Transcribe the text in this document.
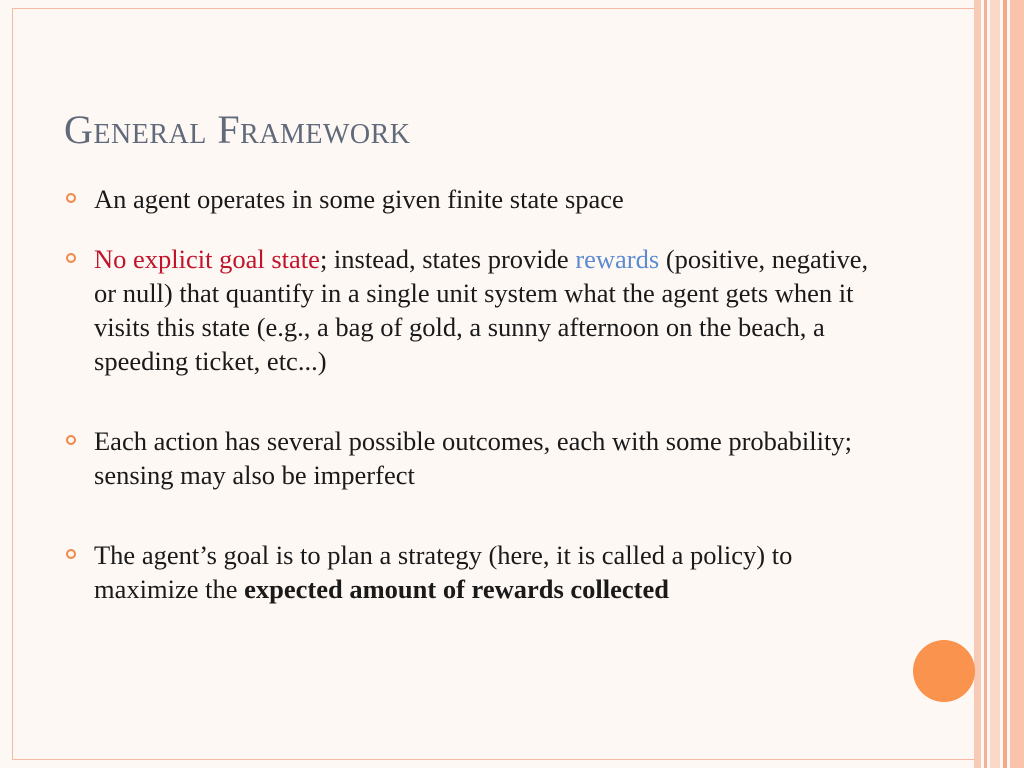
General Framework
An agent operates in some given finite state space
No explicit goal state; instead, states provide rewards (positive, negative, or null) that quantify in a single unit system what the agent gets when it visits this state (e.g., a bag of gold, a sunny afternoon on the beach, a speeding ticket, etc...)
Each action has several possible outcomes, each with some probability; sensing may also be imperfect
The agent’s goal is to plan a strategy (here, it is called a policy) to maximize the expected amount of rewards collected
